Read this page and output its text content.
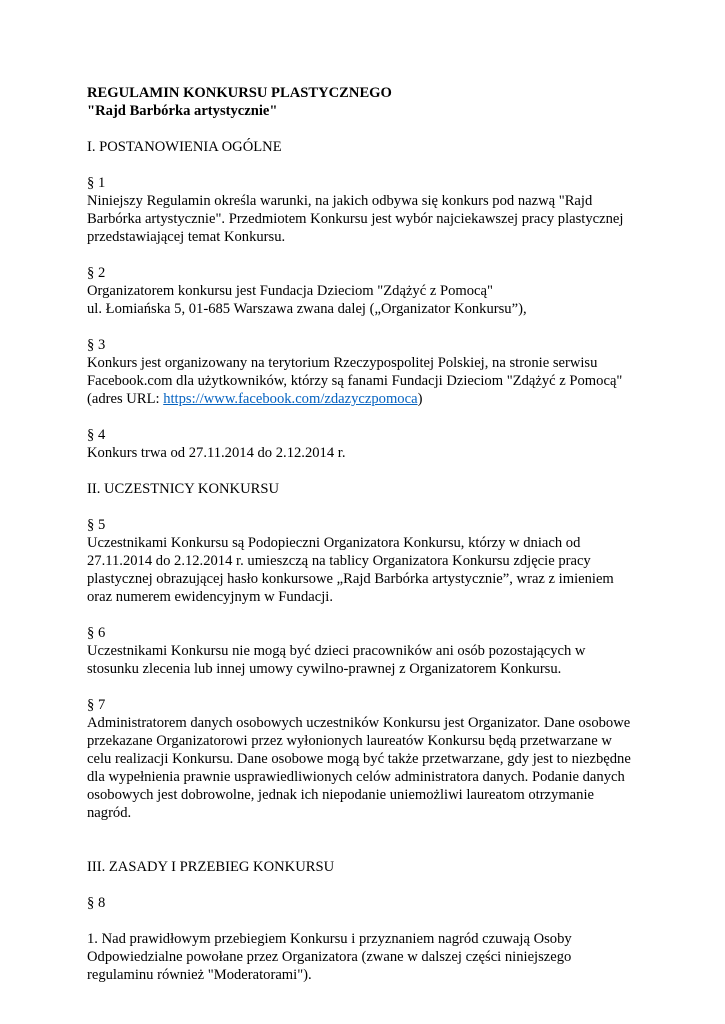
REGULAMIN KONKURSU PLASTYCZNEGO

"Rajd Barbórka artystycznie"

I. POSTANOWIENIA OGÓLNE

§ 1

Niniejszy Regulamin określa warunki, na jakich odbywa się konkurs pod nazwą "Rajd

Barbórka artystycznie". Przedmiotem Konkursu jest wybór najciekawszej pracy plastycznej

przedstawiającej temat Konkursu.

§ 2

Organizatorem konkursu jest Fundacja Dzieciom "Zdążyć z Pomocą"

ul. Łomiańska 5, 01-685 Warszawa zwana dalej („Organizator Konkursu”),

§ 3

Konkurs jest organizowany na terytorium Rzeczypospolitej Polskiej, na stronie serwisu

Facebook.com dla użytkowników, którzy są fanami Fundacji Dzieciom "Zdążyć z Pomocą"

(adres URL: https://www.facebook.com/zdazyczpomoca)

§ 4

Konkurs trwa od 27.11.2014 do 2.12.2014 r.

II. UCZESTNICY KONKURSU

§ 5

Uczestnikami Konkursu są Podopieczni Organizatora Konkursu, którzy w dniach od

27.11.2014 do 2.12.2014 r. umieszczą na tablicy Organizatora Konkursu zdjęcie pracy

plastycznej obrazującej hasło konkursowe „Rajd Barbórka artystycznie”, wraz z imieniem

oraz numerem ewidencyjnym w Fundacji.

§ 6

Uczestnikami Konkursu nie mogą być dzieci pracowników ani osób pozostających w

stosunku zlecenia lub innej umowy cywilno-prawnej z Organizatorem Konkursu.

§ 7

Administratorem danych osobowych uczestników Konkursu jest Organizator. Dane osobowe

przekazane Organizatorowi przez wyłonionych laureatów Konkursu będą przetwarzane w

celu realizacji Konkursu. Dane osobowe mogą być także przetwarzane, gdy jest to niezbędne

dla wypełnienia prawnie usprawiedliwionych celów administratora danych. Podanie danych

osobowych jest dobrowolne, jednak ich niepodanie uniemożliwi laureatom otrzymanie

nagród.

III. ZASADY I PRZEBIEG KONKURSU

§ 8

1. Nad prawidłowym przebiegiem Konkursu i przyznaniem nagród czuwają Osoby

Odpowiedzialne powołane przez Organizatora (zwane w dalszej części niniejszego

regulaminu również "Moderatorami").
